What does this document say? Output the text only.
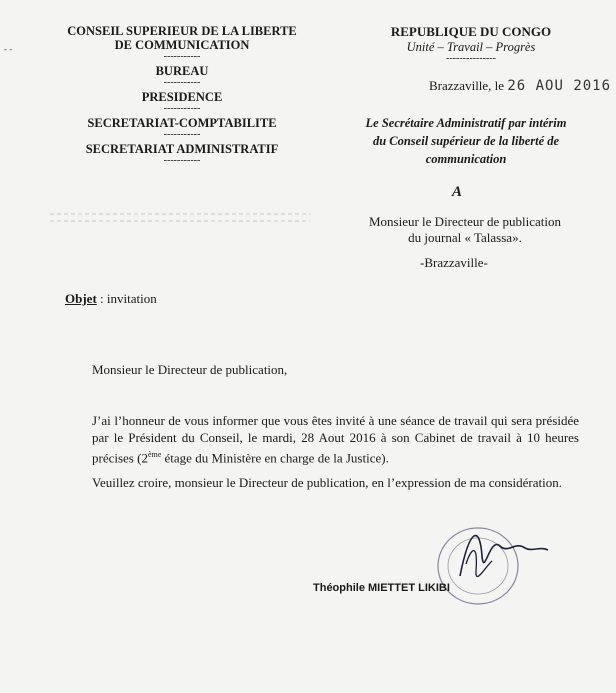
- -
CONSEIL SUPERIEUR DE LA LIBERTE
DE COMMUNICATION
-----------
BUREAU
-----------
PRESIDENCE
-----------
SECRETARIAT-COMPTABILITE
-----------
SECRETARIAT ADMINISTRATIF
-----------
REPUBLIQUE DU CONGO
Unité – Travail – Progrès
---------------
Brazzaville, le 26 AOU 2016
Le Secrétaire Administratif par intérim
du Conseil supérieur de la liberté de
communication
A
Monsieur le Directeur de publication
du journal « Talassa».
-Brazzaville-
Objet : invitation
Monsieur le Directeur de publication,

J’ai l’honneur de vous informer que vous êtes invité à une séance de travail qui sera présidée par le Président du Conseil, le mardi, 28 Aout 2016 à son Cabinet de travail à 10 heures précises (2ème étage du Ministère en charge de la Justice).

Veuillez croire, monsieur le Directeur de publication, en l’expression de ma considération.

Théophile MIETTET LIKIBI
